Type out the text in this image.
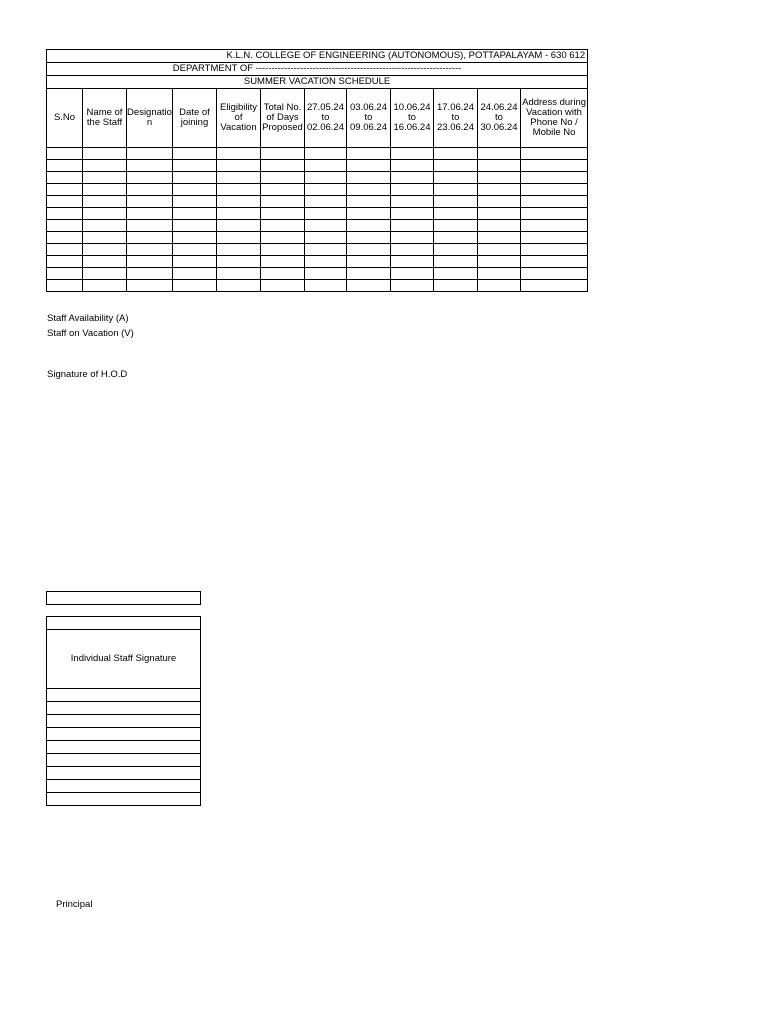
K.L.N. COLLEGE OF ENGINEERING (AUTONOMOUS), POTTAPALAYAM - 630 612											
DEPARTMENT OF -----------------------------------------------------------------											
SUMMER VACATION SCHEDULE											
S.No	Name of the Staff	Designatio n	Date of joining	Eligibility of Vacation	Total No. of Days Proposed	27.05.24 to 02.06.24	03.06.24 to 09.06.24	10.06.24 to 16.06.24	17.06.24 to 23.06.24	24.06.24 to 30.06.24	Address during Vacation with Phone No / Mobile No

Staff Availability (A)
Staff on Vacation (V)
Signature of H.O.D

Individual Staff Signature

Principal
